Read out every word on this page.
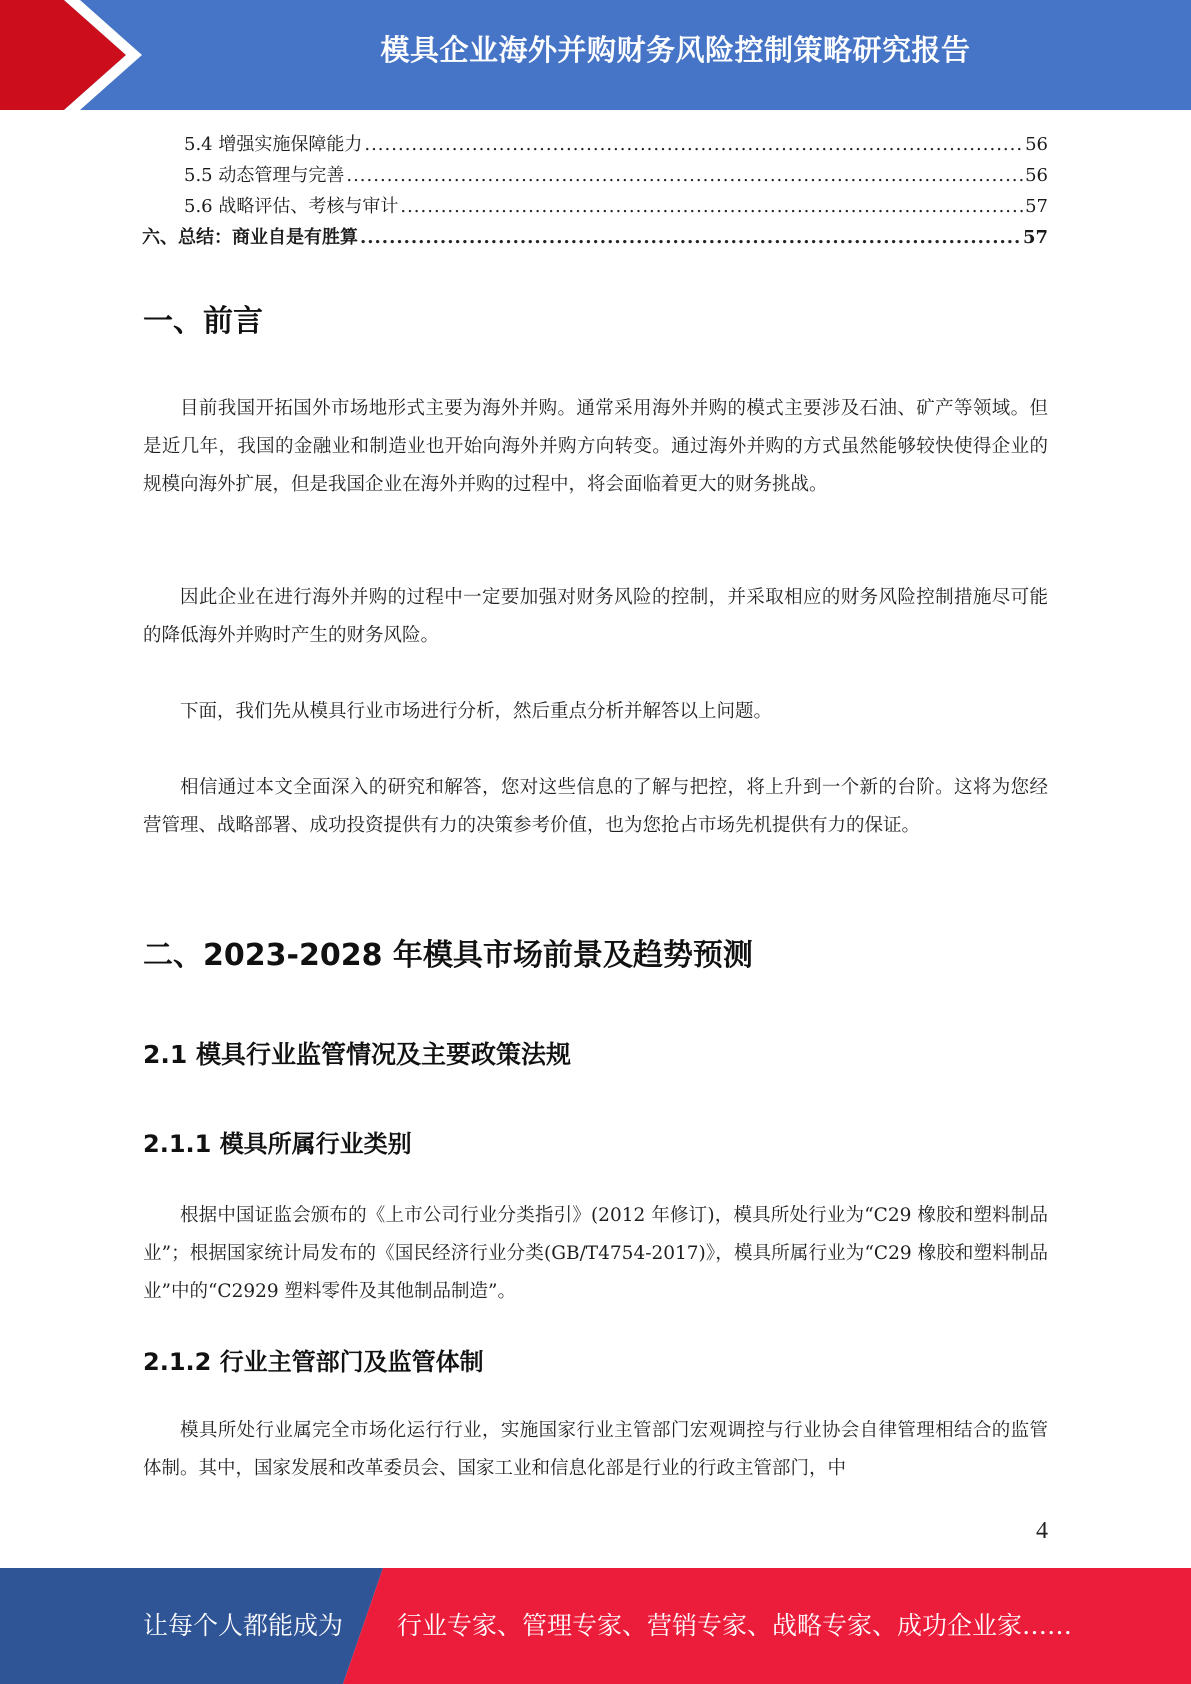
模具企业海外并购财务风险控制策略研究报告
5.4 增强实施保障能力 .....	56
5.5 动态管理与完善 .....	56
5.6 战略评估、考核与审计 .....	57
六、总结：商业自是有胜算 .....	57
一、前言

目前我国开拓国外市场地形式主要为海外并购。通常采用海外并购的模式主要涉及石油、矿产等领域。但是近几年，我国的金融业和制造业也开始向海外并购方向转变。通过海外并购的方式虽然能够较快使得企业的规模向海外扩展，但是我国企业在海外并购的过程中，将会面临着更大的财务挑战。

因此企业在进行海外并购的过程中一定要加强对财务风险的控制，并采取相应的财务风险控制措施尽可能的降低海外并购时产生的财务风险。

下面，我们先从模具行业市场进行分析，然后重点分析并解答以上问题。

相信通过本文全面深入的研究和解答，您对这些信息的了解与把控，将上升到一个新的台阶。这将为您经营管理、战略部署、成功投资提供有力的决策参考价值，也为您抢占市场先机提供有力的保证。

二、2023-2028 年模具市场前景及趋势预测
2.1 模具行业监管情况及主要政策法规
2.1.1 模具所属行业类别

根据中国证监会颁布的《上市公司行业分类指引》(2012 年修订)，模具所处行业为“C29 橡胶和塑料制品业”；根据国家统计局发布的《国民经济行业分类(GB/T4754-2017)》，模具所属行业为“C29 橡胶和塑料制品业”中的“C2929 塑料零件及其他制品制造”。

2.1.2 行业主管部门及监管体制

模具所处行业属完全市场化运行行业，实施国家行业主管部门宏观调控与行业协会自律管理相结合的监管体制。其中，国家发展和改革委员会、国家工业和信息化部是行业的行政主管部门，中

4
让每个人都能成为 行业专家、管理专家、营销专家、战略专家、成功企业家……
